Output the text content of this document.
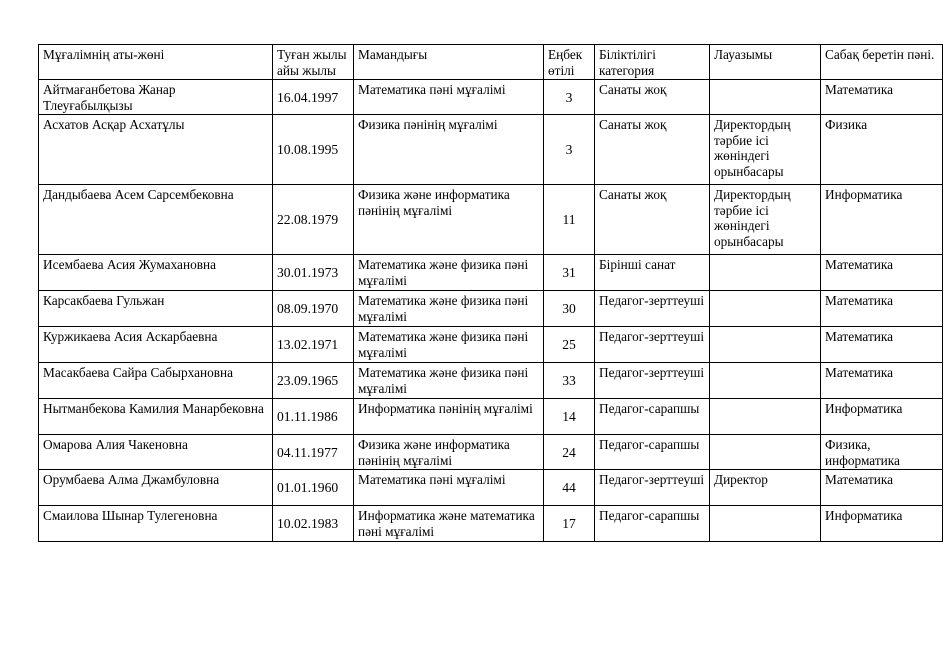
Мұғалімнің аты-жөні	Туған жылы айы жылы	Мамандығы	Еңбек өтілі	Біліктілігі категория	Лауазымы	Сабақ беретін пәні.
Айтмағанбетова Жанар Тлеуғабылқызы	16.04.1997	Математика пәні мұғалімі	3	Санаты жоқ		Математика
Асхатов Асқар Асхатұлы	10.08.1995	Физика пәнінің мұғалімі	3	Санаты жоқ	Директордың тәрбие ісі жөніндегі орынбасары	Физика
Дандыбаева Асем Сарсембековна	22.08.1979	Физика және информатика пәнінің мұғалімі	11	Санаты жоқ	Директордың тәрбие ісі жөніндегі орынбасары	Информатика
Исембаева Асия Жумахановна	30.01.1973	Математика және физика пәні мұғалімі	31	Бірінші санат		Математика
Карсакбаева Гульжан	08.09.1970	Математика және физика пәні мұғалімі	30	Педагог-зерттеуші		Математика
Куржикаева Асия Аскарбаевна	13.02.1971	Математика және физика пәні мұғалімі	25	Педагог-зерттеуші		Математика
Масакбаева Сайра Сабырхановна	23.09.1965	Математика және физика пәні мұғалімі	33	Педагог-зерттеуші		Математика
Нытманбекова Камилия Манарбековна	01.11.1986	Информатика пәнінің мұғалімі	14	Педагог-сарапшы		Информатика
Омарова Алия Чакеновна	04.11.1977	Физика және информатика пәнінің мұғалімі	24	Педагог-сарапшы		Физика, информатика
Орумбаева Алма Джамбуловна	01.01.1960	Математика пәні мұғалімі	44	Педагог-зерттеуші	Директор	Математика
Смаилова Шынар Тулегеновна	10.02.1983	Информатика және математика пәні мұғалімі	17	Педагог-сарапшы		Информатика
